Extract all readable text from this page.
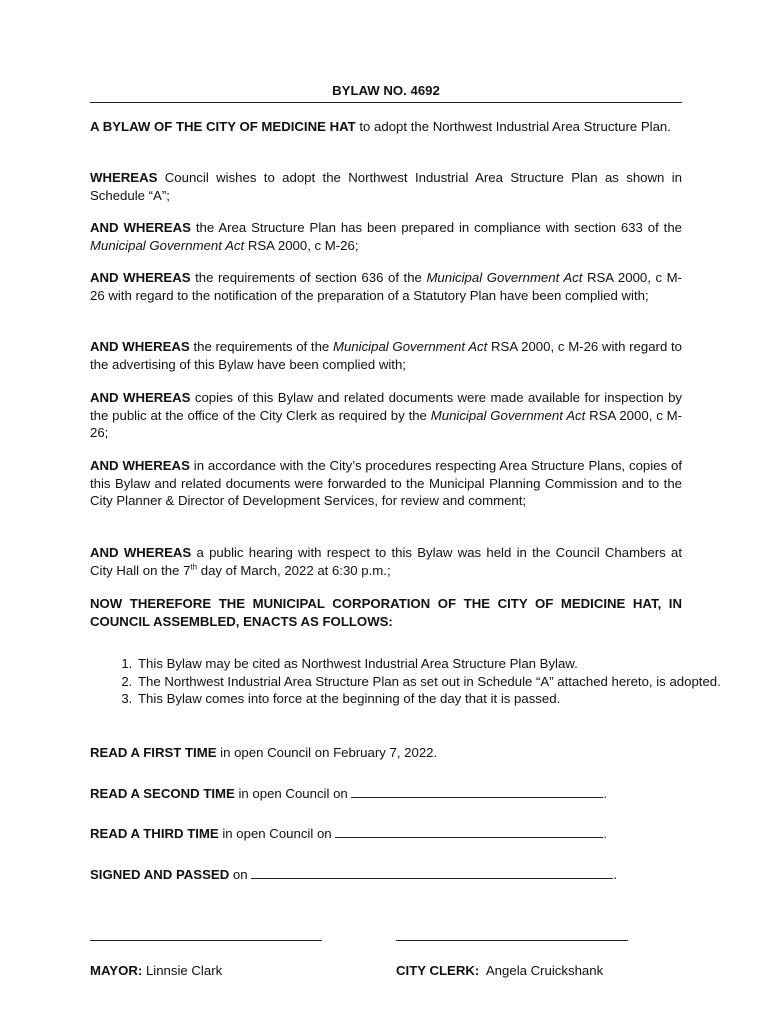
BYLAW NO. 4692

A BYLAW OF THE CITY OF MEDICINE HAT to adopt the Northwest Industrial Area Structure Plan.

WHEREAS Council wishes to adopt the Northwest Industrial Area Structure Plan as shown in Schedule “A”;

AND WHEREAS the Area Structure Plan has been prepared in compliance with section 633 of the Municipal Government Act RSA 2000, c M-26;

AND WHEREAS the requirements of section 636 of the Municipal Government Act RSA 2000, c M-26 with regard to the notification of the preparation of a Statutory Plan have been complied with;

AND WHEREAS the requirements of the Municipal Government Act RSA 2000, c M-26 with regard to the advertising of this Bylaw have been complied with;

AND WHEREAS copies of this Bylaw and related documents were made available for inspection by the public at the office of the City Clerk as required by the Municipal Government Act RSA 2000, c M-26;

AND WHEREAS in accordance with the City’s procedures respecting Area Structure Plans, copies of this Bylaw and related documents were forwarded to the Municipal Planning Commission and to the City Planner & Director of Development Services, for review and comment;

AND WHEREAS a public hearing with respect to this Bylaw was held in the Council Chambers at City Hall on the 7th day of March, 2022 at 6:30 p.m.;

NOW THEREFORE THE MUNICIPAL CORPORATION OF THE CITY OF MEDICINE HAT, IN COUNCIL ASSEMBLED, ENACTS AS FOLLOWS:

1. This Bylaw may be cited as Northwest Industrial Area Structure Plan Bylaw.
2. The Northwest Industrial Area Structure Plan as set out in Schedule “A” attached hereto, is adopted.
3. This Bylaw comes into force at the beginning of the day that it is passed.

READ A FIRST TIME in open Council on February 7, 2022.

READ A SECOND TIME in open Council on	.

READ A THIRD TIME in open Council on	.

SIGNED AND PASSED on	.

MAYOR: Linnsie Clark	CITY CLERK: Angela Cruickshank
